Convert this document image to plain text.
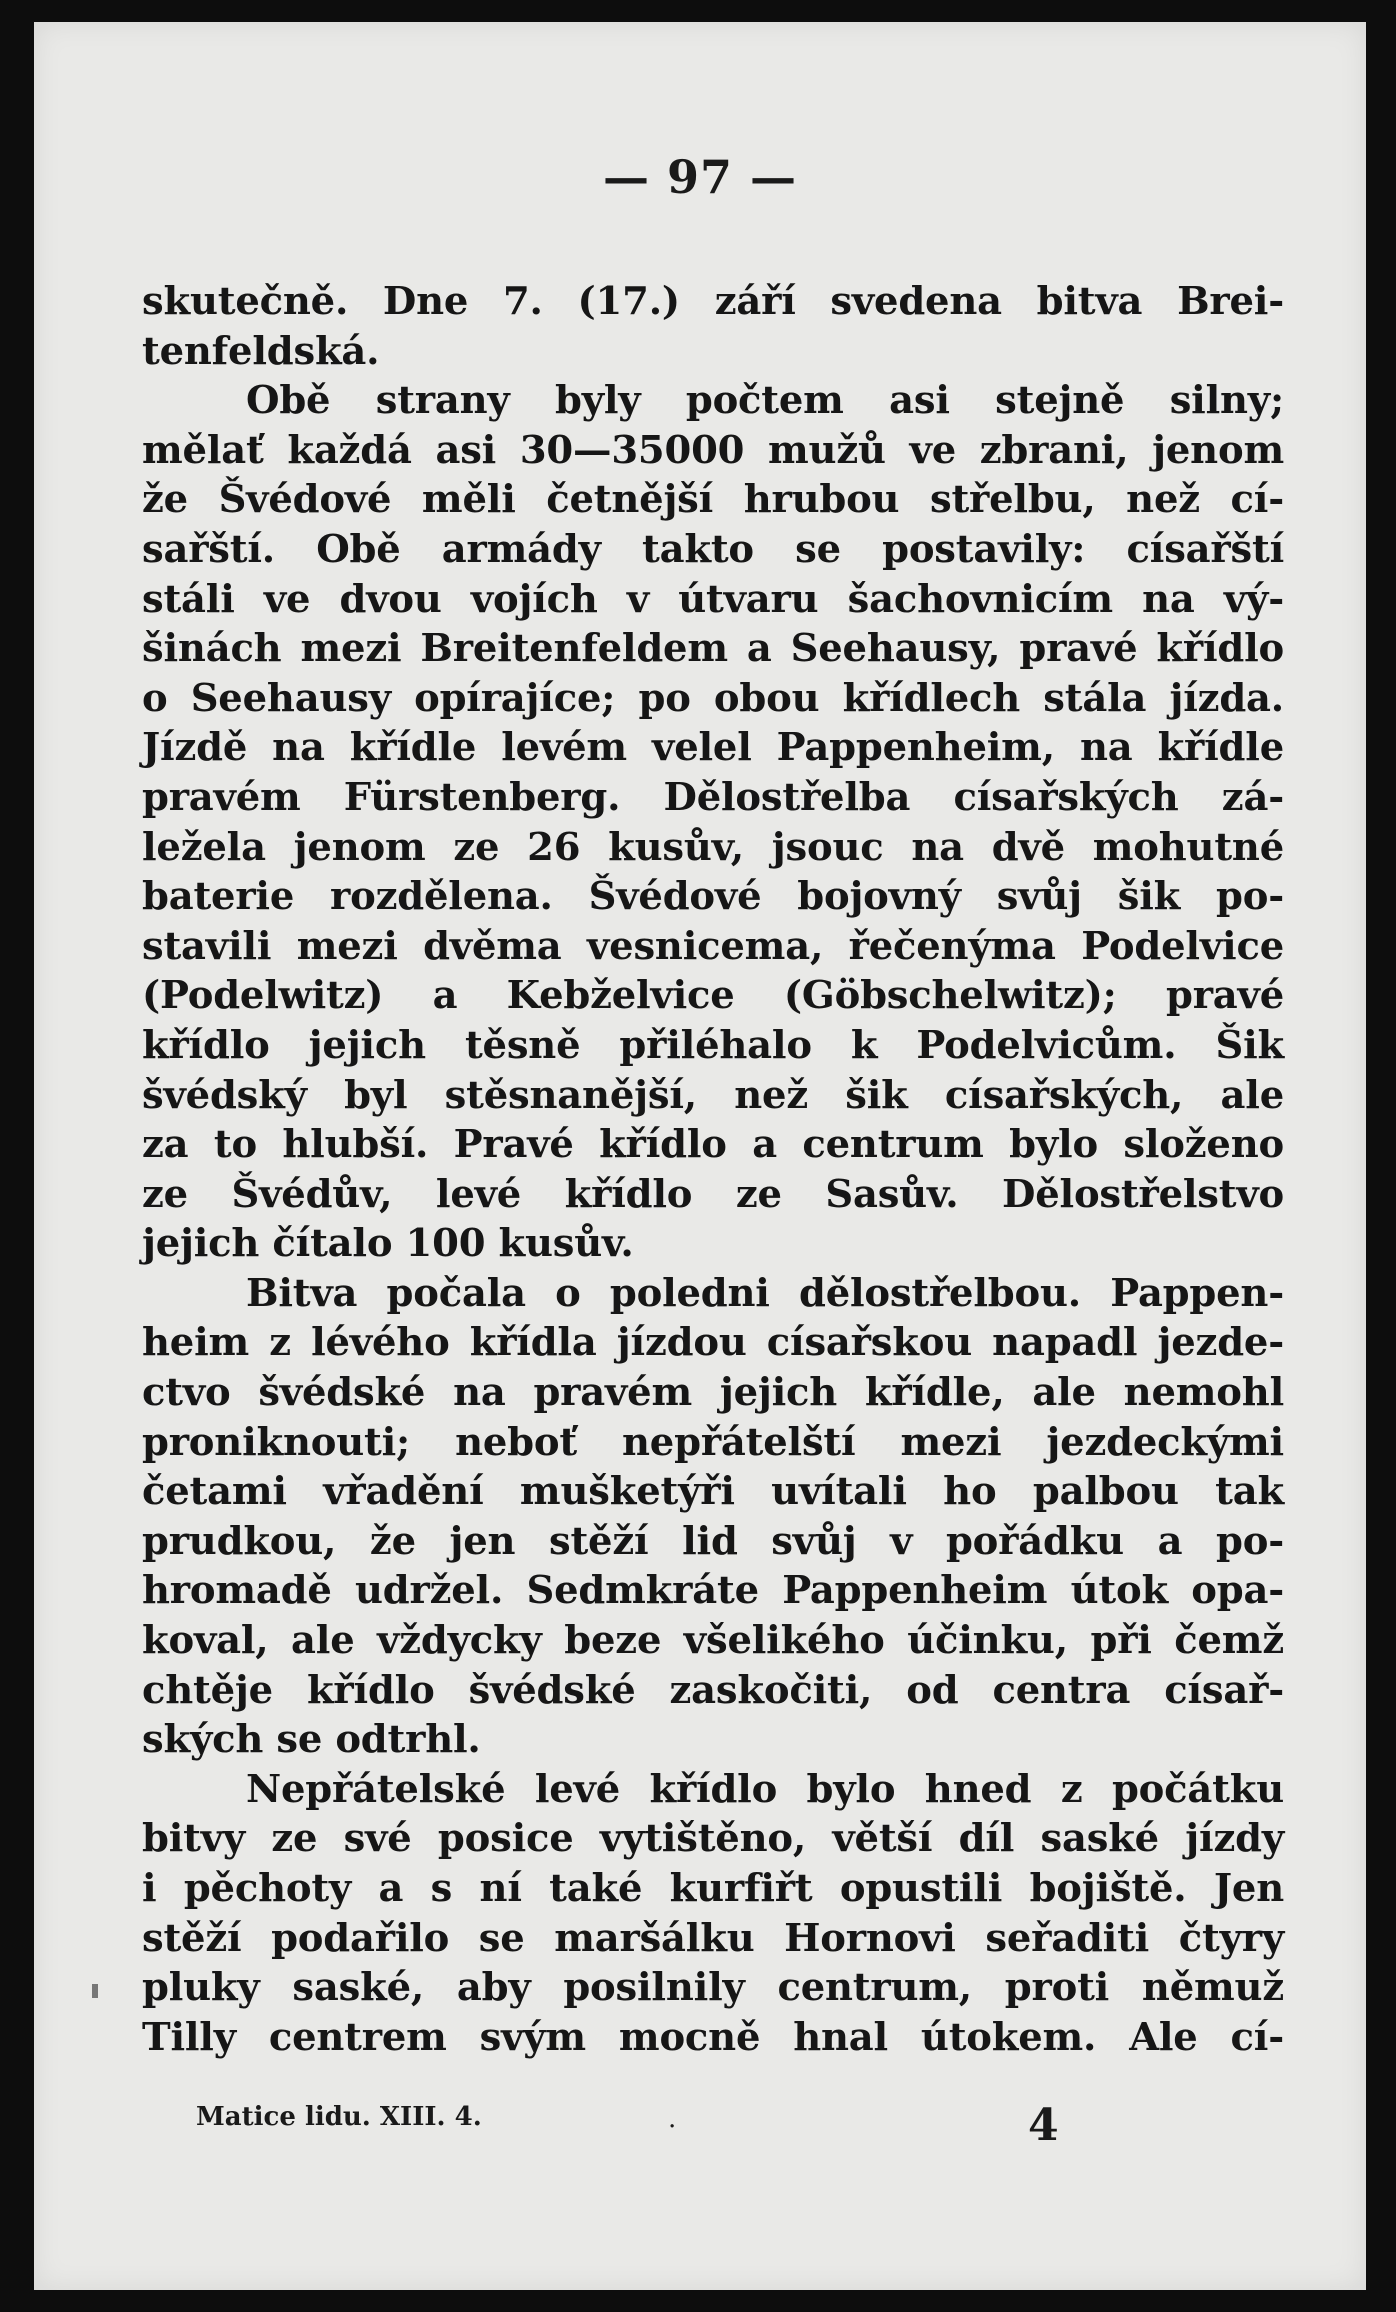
— 97 —

skutečně. Dne 7. (17.) září svedena bitva Brei-

tenfeldská.

Obě strany byly počtem asi stejně silny;

mělať každá asi 30—35000 mužů ve zbrani, jenom

že Švédové měli četnější hrubou střelbu, než cí-

sařští. Obě armády takto se postavily: císařští

stáli ve dvou vojích v útvaru šachovnicím na vý-

šinách mezi Breitenfeldem a Seehausy, pravé křídlo

o Seehausy opírajíce; po obou křídlech stála jízda.

Jízdě na křídle levém velel Pappenheim, na křídle

pravém Fürstenberg. Dělostřelba císařských zá-

ležela jenom ze 26 kusův, jsouc na dvě mohutné

baterie rozdělena. Švédové bojovný svůj šik po-

stavili mezi dvěma vesnicema, řečenýma Podelvice

(Podelwitz) a Kebželvice (Göbschelwitz); pravé

křídlo jejich těsně přiléhalo k Podelvicům. Šik

švédský byl stěsnanější, než šik císařských, ale

za to hlubší. Pravé křídlo a centrum bylo složeno

ze Švédův, levé křídlo ze Sasův. Dělostřelstvo

jejich čítalo 100 kusův.

Bitva počala o poledni dělostřelbou. Pappen-

heim z lévého křídla jízdou císařskou napadl jezde-

ctvo švédské na pravém jejich křídle, ale nemohl

proniknouti; neboť nepřátelští mezi jezdeckými

četami vřadění mušketýři uvítali ho palbou tak

prudkou, že jen stěží lid svůj v pořádku a po-

hromadě udržel. Sedmkráte Pappenheim útok opa-

koval, ale vždycky beze všelikého účinku, při čemž

chtěje křídlo švédské zaskočiti, od centra císař-

ských se odtrhl.

Nepřátelské levé křídlo bylo hned z počátku

bitvy ze své posice vytištěno, větší díl saské jízdy

i pěchoty a s ní také kurfiřt opustili bojiště. Jen

stěží podařilo se maršálku Hornovi seřaditi čtyry

pluky saské, aby posilnily centrum, proti němuž

Tilly centrem svým mocně hnal útokem. Ale cí-

Matice lidu. XIII. 4.	.	4
